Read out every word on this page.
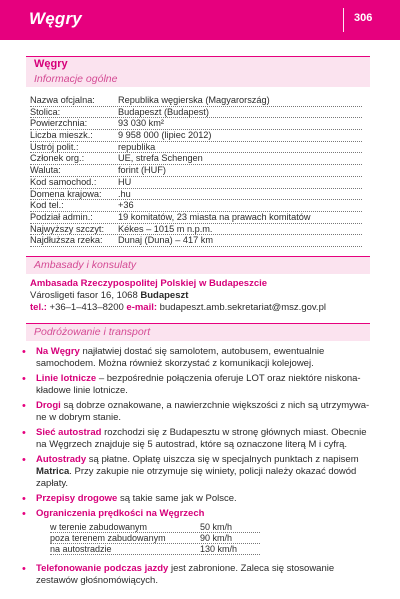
Węgry	306
Węgry
Informacje ogólne
Nazwa ofcjalna:	Republika węgierska (Magyarország)
Stolica:	Budapeszt (Budapest)
Powierzchnia:	93 030 km²
Liczba mieszk.:	9 958 000 (lipiec 2012)
Ustrój polit.:	republika
Członek org.:	UE, strefa Schengen
Waluta:	forint (HUF)
Kod samochod.: HU
Domena krajowa: .hu
Kod tel.:	+36
Podział admin.:	19 komitatów, 23 miasta na prawach komitatów
Najwyższy szczyt: Kékes – 1015 m n.p.m.
Najdłuższa rzeka: Dunaj (Duna) – 417 km
Ambasady i konsulaty
Ambasada Rzeczypospolitej Polskiej w Budapeszcie
Városligeti fasor 16, 1068 Budapeszt
tel.: +36–1–413–8200 e-mail: budapeszt.amb.sekretariat@msz.gov.pl
Podróżowanie i transport
• Na Węgry najłatwiej dostać się samolotem, autobusem, ewentualnie samochodem. Można również skorzystać z komunikacji kolejowej.
• Linie lotnicze – bezpośrednie połączenia oferuje LOT oraz niektóre niskona-kładowe linie lotnicze.
• Drogi są dobrze oznakowane, a nawierzchnie większości z nich są utrzymywa-ne w dobrym stanie.
• Sieć autostrad rozchodzi się z Budapesztu w stronę głównych miast. Obecnie na Węgrzech znajduje się 5 autostrad, które są oznaczone literą M i cyfrą.
• Autostrady są płatne. Opłatę uiszcza się w specjalnych punktach z napisem Matrica. Przy zakupie nie otrzymuje się winiety, policji należy okazać dowód zapłaty.
• Przepisy drogowe są takie same jak w Polsce.
• Ograniczenia prędkości na Węgrzech
w terenie zabudowanym	50 km/h
poza terenem zabudowanym	90 km/h
na autostradzie	130 km/h
• Telefonowanie podczas jazdy jest zabronione. Zaleca się stosowanie zestawów głośnomówiących.
